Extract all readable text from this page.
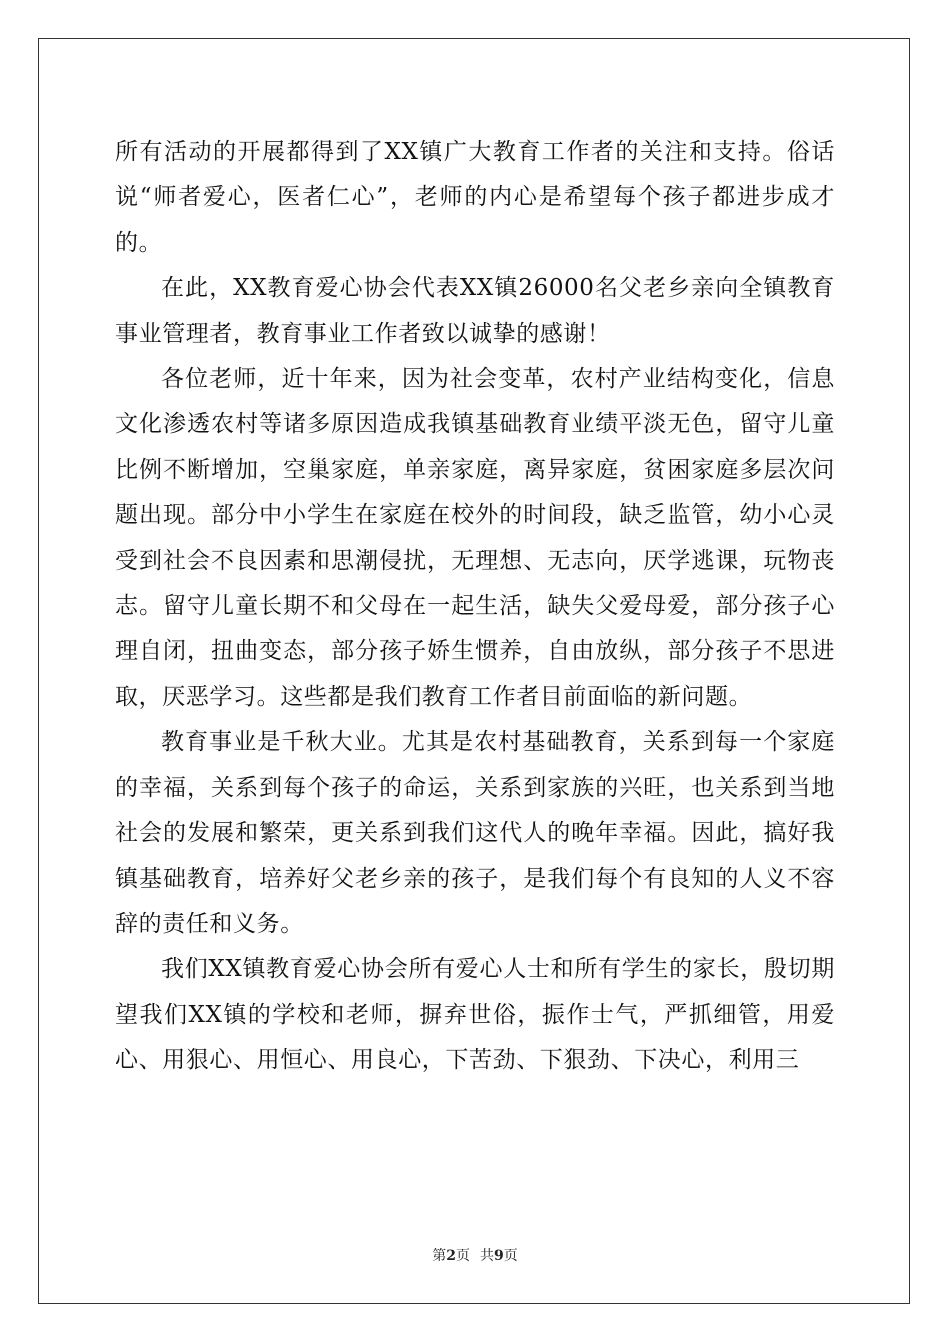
所有活动的开展都得到了XX镇广大教育工作者的关注和支持。俗话说“师者爱心，医者仁心”，老师的内心是希望每个孩子都进步成才的。

在此，XX教育爱心协会代表XX镇26000名父老乡亲向全镇教育事业管理者，教育事业工作者致以诚挚的感谢！

各位老师，近十年来，因为社会变革，农村产业结构变化，信息文化渗透农村等诸多原因造成我镇基础教育业绩平淡无色，留守儿童比例不断增加，空巢家庭，单亲家庭，离异家庭，贫困家庭多层次问题出现。部分中小学生在家庭在校外的时间段，缺乏监管，幼小心灵受到社会不良因素和思潮侵扰，无理想、无志向，厌学逃课，玩物丧志。留守儿童长期不和父母在一起生活，缺失父爱母爱，部分孩子心理自闭，扭曲变态，部分孩子娇生惯养，自由放纵，部分孩子不思进取，厌恶学习。这些都是我们教育工作者目前面临的新问题。

教育事业是千秋大业。尤其是农村基础教育，关系到每一个家庭的幸福，关系到每个孩子的命运，关系到家族的兴旺，也关系到当地社会的发展和繁荣，更关系到我们这代人的晚年幸福。因此，搞好我镇基础教育，培养好父老乡亲的孩子，是我们每个有良知的人义不容辞的责任和义务。

我们XX镇教育爱心协会所有爱心人士和所有学生的家长，殷切期望我们XX镇的学校和老师，摒弃世俗，振作士气，严抓细管，用爱心、用狠心、用恒心、用良心，下苦劲、下狠劲、下决心，利用三

第2页 共9页
